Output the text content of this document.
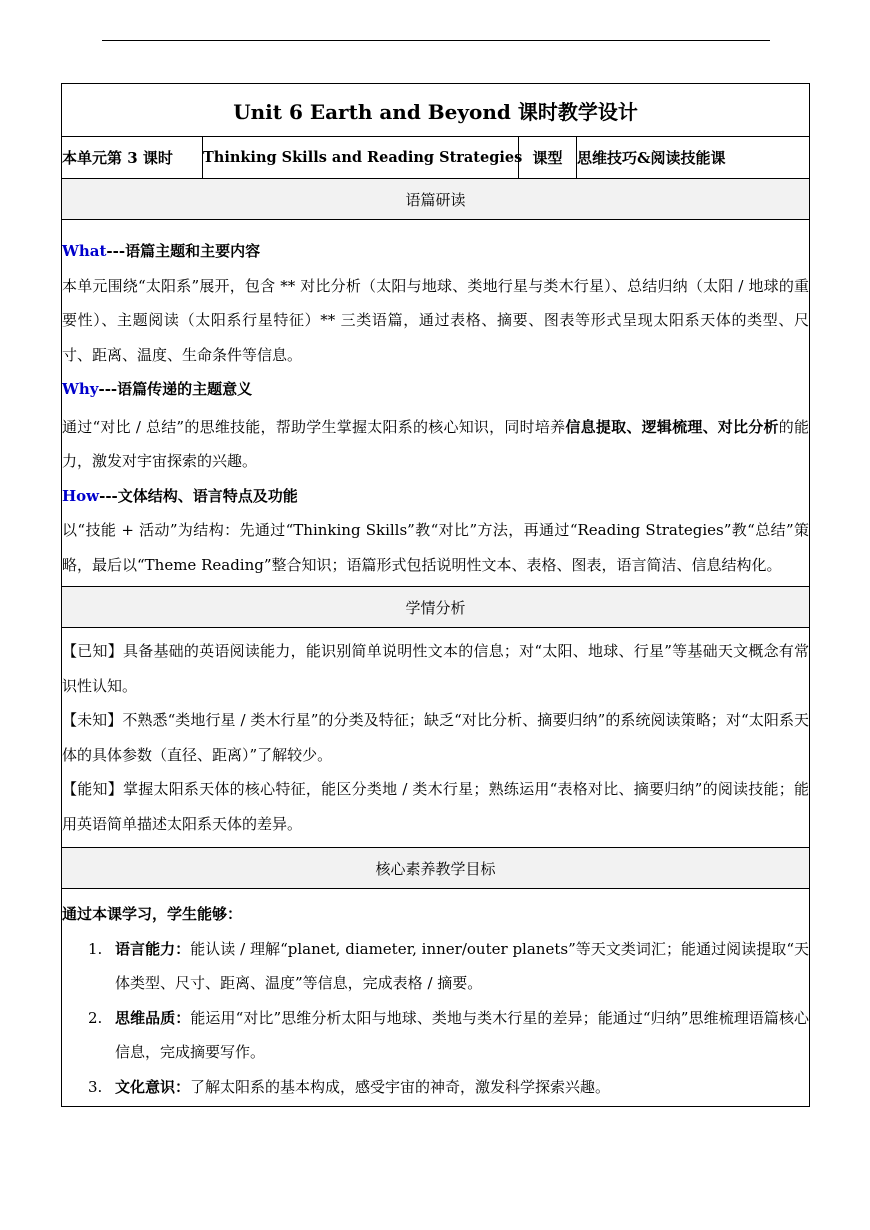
Unit 6 Earth and Beyond 课时教学设计
本单元第 3 课时	Thinking Skills and Reading Strategies	课型	思维技巧&阅读技能课
语篇研读

What---语篇主题和主要内容
本单元围绕“太阳系”展开，包含 ** 对比分析（太阳与地球、类地行星与类木行星）、总结归纳（太阳 / 地球的重要性）、主题阅读（太阳系行星特征）** 三类语篇，通过表格、摘要、图表等形式呈现太阳系天体的类型、尺寸、距离、温度、生命条件等信息。
Why---语篇传递的主题意义
通过“对比 / 总结”的思维技能，帮助学生掌握太阳系的核心知识，同时培养信息提取、逻辑梳理、对比分析的能力，激发对宇宙探索的兴趣。
How---文体结构、语言特点及功能
以“技能 + 活动”为结构：先通过“Thinking Skills”教“对比”方法，再通过“Reading Strategies”教“总结”策略，最后以“Theme Reading”整合知识；语篇形式包括说明性文本、表格、图表，语言简洁、信息结构化。

学情分析

【已知】具备基础的英语阅读能力，能识别简单说明性文本的信息；对“太阳、地球、行星”等基础天文概念有常识性认知。
【未知】不熟悉“类地行星 / 类木行星”的分类及特征；缺乏“对比分析、摘要归纳”的系统阅读策略；对“太阳系天体的具体参数（直径、距离）”了解较少。
【能知】掌握太阳系天体的核心特征，能区分类地 / 类木行星；熟练运用“表格对比、摘要归纳”的阅读技能；能用英语简单描述太阳系天体的差异。

核心素养教学目标

通过本课学习，学生能够：
1. 语言能力：能认读 / 理解“planet, diameter, inner/outer planets”等天文类词汇；能通过阅读提取“天体类型、尺寸、距离、温度”等信息，完成表格 / 摘要。
2. 思维品质：能运用“对比”思维分析太阳与地球、类地与类木行星的差异；能通过“归纳”思维梳理语篇核心信息，完成摘要写作。
3. 文化意识：了解太阳系的基本构成，感受宇宙的神奇，激发科学探索兴趣。
